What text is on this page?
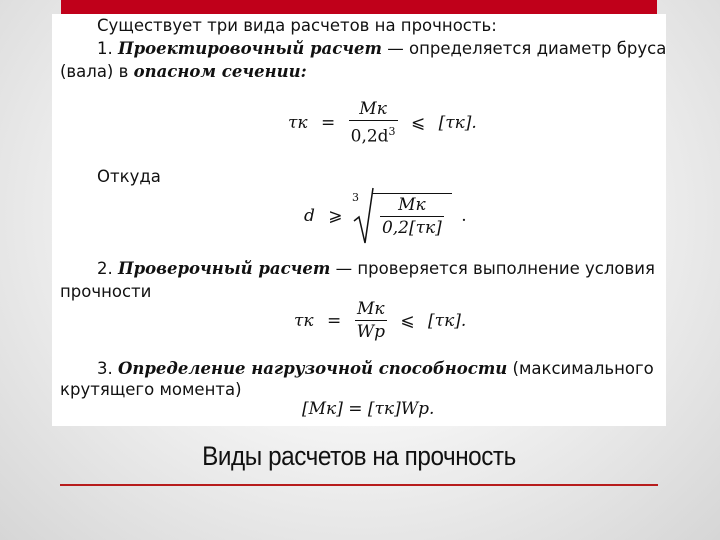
Существует три вида расчетов на прочность:
1. Проектировочный расчет — определяется диаметр бруса
(вала) в опасном сечении:
$\tau к = \frac{Mк}{0,2d^3}$ ⩽ [τк].
Откуда
d ⩾
$3 \frac{Mк}{0,2[\tau к]}$ .
2. Проверочный расчет — проверяется выполнение условия
прочности
$\tau к = \frac{Mк}{Wp}$ ⩽ [τк].
3. Определение нагрузочной способности (максимального
крутящего момента)
[Mк] = [τк]Wp.
Виды расчетов на прочность
